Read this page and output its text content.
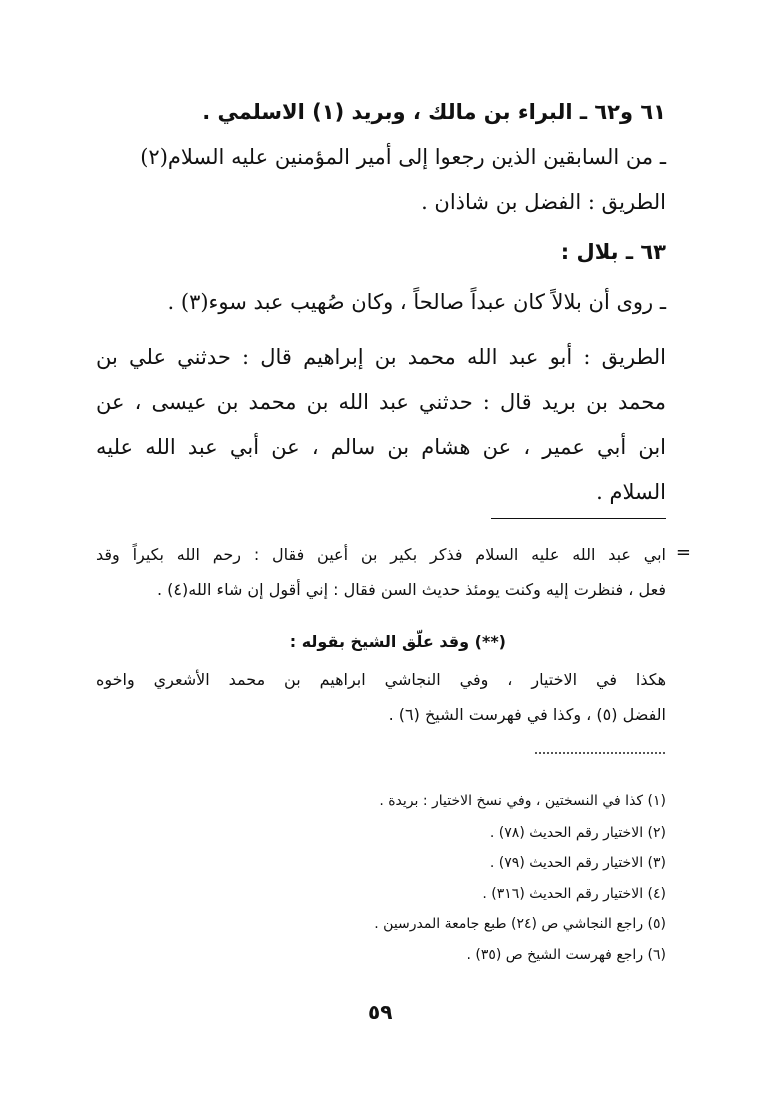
٦١ و٦٢ ـ البراء بن مالك ، وبريد (١) الاسلمي .
ـ من السابقين الذين رجعوا إلى أمير المؤمنين عليه السلام(٢)
الطريق : الفضل بن شاذان .
٦٣ ـ بلال :
ـ روى أن بلالاً كان عبداً صالحاً ، وكان صُهيب عبد سوء(٣) .
الطريق : أبو عبد الله محمد بن إبراهيم قال : حدثني علي بن
محمد بن بريد قال : حدثني عبد الله بن محمد بن عيسى ، عن
ابن أبي عمير ، عن هشام بن سالم ، عن أبي عبد الله عليه
السلام .
=
ابي عبد الله عليه السلام فذكر بكير بن أعين فقال : رحم الله بكيراً وقد
فعل ، فنظرت إليه وكنت يومئذ حديث السن فقال : إني أقول إن شاء الله(٤) .
(**) وقد علّق الشيخ بقوله :
هكذا في الاختيار ، وفي النجاشي ابراهيم بن محمد الأشعري واخوه
الفضل (٥) ، وكذا في فهرست الشيخ (٦) .
(١) كذا في النسختين ، وفي نسخ الاختيار : بريدة .
(٢) الاختيار رقم الحديث (٧٨) .
(٣) الاختيار رقم الحديث (٧٩) .
(٤) الاختيار رقم الحديث (٣١٦) .
(٥) راجع النجاشي ص (٢٤) طبع جامعة المدرسين .
(٦) راجع فهرست الشيخ ص (٣٥) .
٥٩
